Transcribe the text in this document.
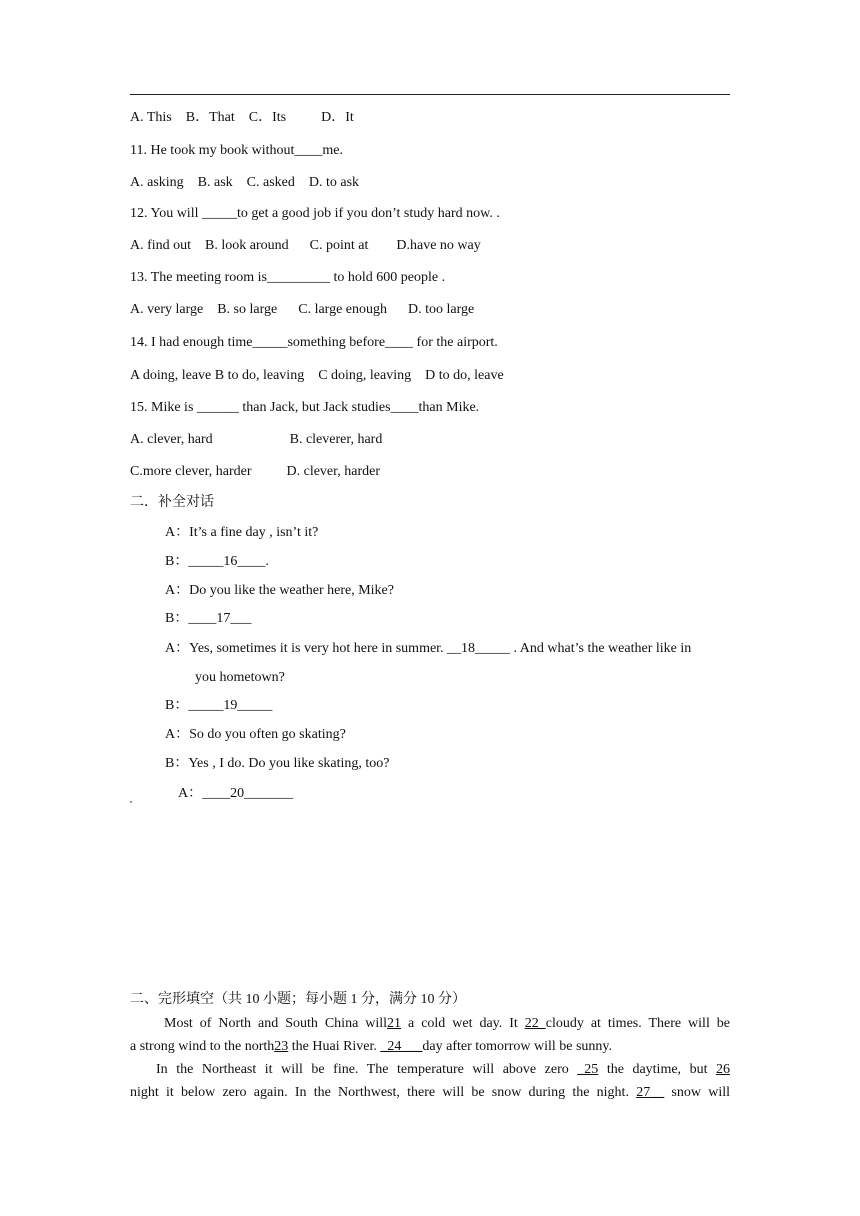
A. This    B．That    C．Its          D．It
11. He took my book without____me.
A. asking    B. ask    C. asked    D. to ask
12. You will _____to get a good job if you don’t study hard now. .
A. find out    B. look around      C. point at        D.have no way
13. The meeting room is_________ to hold 600 people .
A. very large    B. so large      C. large enough      D. too large
14. I had enough time_____something before____ for the airport.
A doing, leave B to do, leaving    C doing, leaving    D to do, leave
15. Mike is ______ than Jack, but Jack studies____than Mike.
A. clever, hard                      B. cleverer, hard
C.more clever, harder          D. clever, harder
二．补全对话
A：It’s a fine day , isn’t it?
B：_____16____.
A：Do you like the weather here, Mike?
B：____17___
A：Yes, sometimes it is very hot here in summer. __18_____ . And what’s the weather like in
you hometown?
B：_____19_____
A：So do you often go skating?
B：Yes , I do. Do you like skating, too?
A：____20_______
二、完形填空（共 10 小题；每小题 1 分，满分 10 分）
Most of North and South China will21 a cold wet day. It 22 cloudy at times. There will be
a strong wind to the north23 the Huai River. _24___day after tomorrow will be sunny.
In the Northeast it will be fine. The temperature will above zero _25 the daytime, but 26
night it below zero again. In the Northwest, there will be snow during the night. 27__ snow will
